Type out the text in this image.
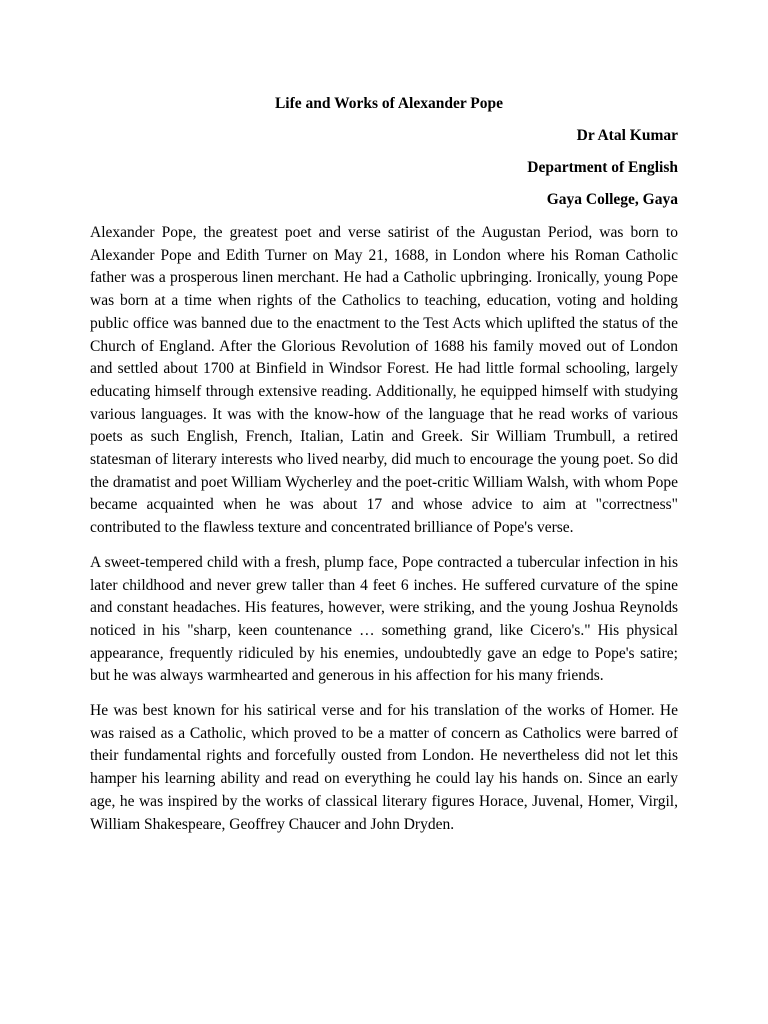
Life and Works of Alexander Pope
Dr Atal Kumar
Department of English
Gaya College, Gaya

Alexander Pope, the greatest poet and verse satirist of the Augustan Period, was born to Alexander Pope and Edith Turner on May 21, 1688, in London where his Roman Catholic father was a prosperous linen merchant. He had a Catholic upbringing. Ironically, young Pope was born at a time when rights of the Catholics to teaching, education, voting and holding public office was banned due to the enactment to the Test Acts which uplifted the status of the Church of England. After the Glorious Revolution of 1688 his family moved out of London and settled about 1700 at Binfield in Windsor Forest. He had little formal schooling, largely educating himself through extensive reading. Additionally, he equipped himself with studying various languages. It was with the know-how of the language that he read works of various poets as such English, French, Italian, Latin and Greek. Sir William Trumbull, a retired statesman of literary interests who lived nearby, did much to encourage the young poet. So did the dramatist and poet William Wycherley and the poet-critic William Walsh, with whom Pope became acquainted when he was about 17 and whose advice to aim at "correctness" contributed to the flawless texture and concentrated brilliance of Pope's verse.

A sweet-tempered child with a fresh, plump face, Pope contracted a tubercular infection in his later childhood and never grew taller than 4 feet 6 inches. He suffered curvature of the spine and constant headaches. His features, however, were striking, and the young Joshua Reynolds noticed in his "sharp, keen countenance … something grand, like Cicero's." His physical appearance, frequently ridiculed by his enemies, undoubtedly gave an edge to Pope's satire; but he was always warmhearted and generous in his affection for his many friends.

He was best known for his satirical verse and for his translation of the works of Homer. He was raised as a Catholic, which proved to be a matter of concern as Catholics were barred of their fundamental rights and forcefully ousted from London. He nevertheless did not let this hamper his learning ability and read on everything he could lay his hands on. Since an early age, he was inspired by the works of classical literary figures Horace, Juvenal, Homer, Virgil, William Shakespeare, Geoffrey Chaucer and John Dryden.
